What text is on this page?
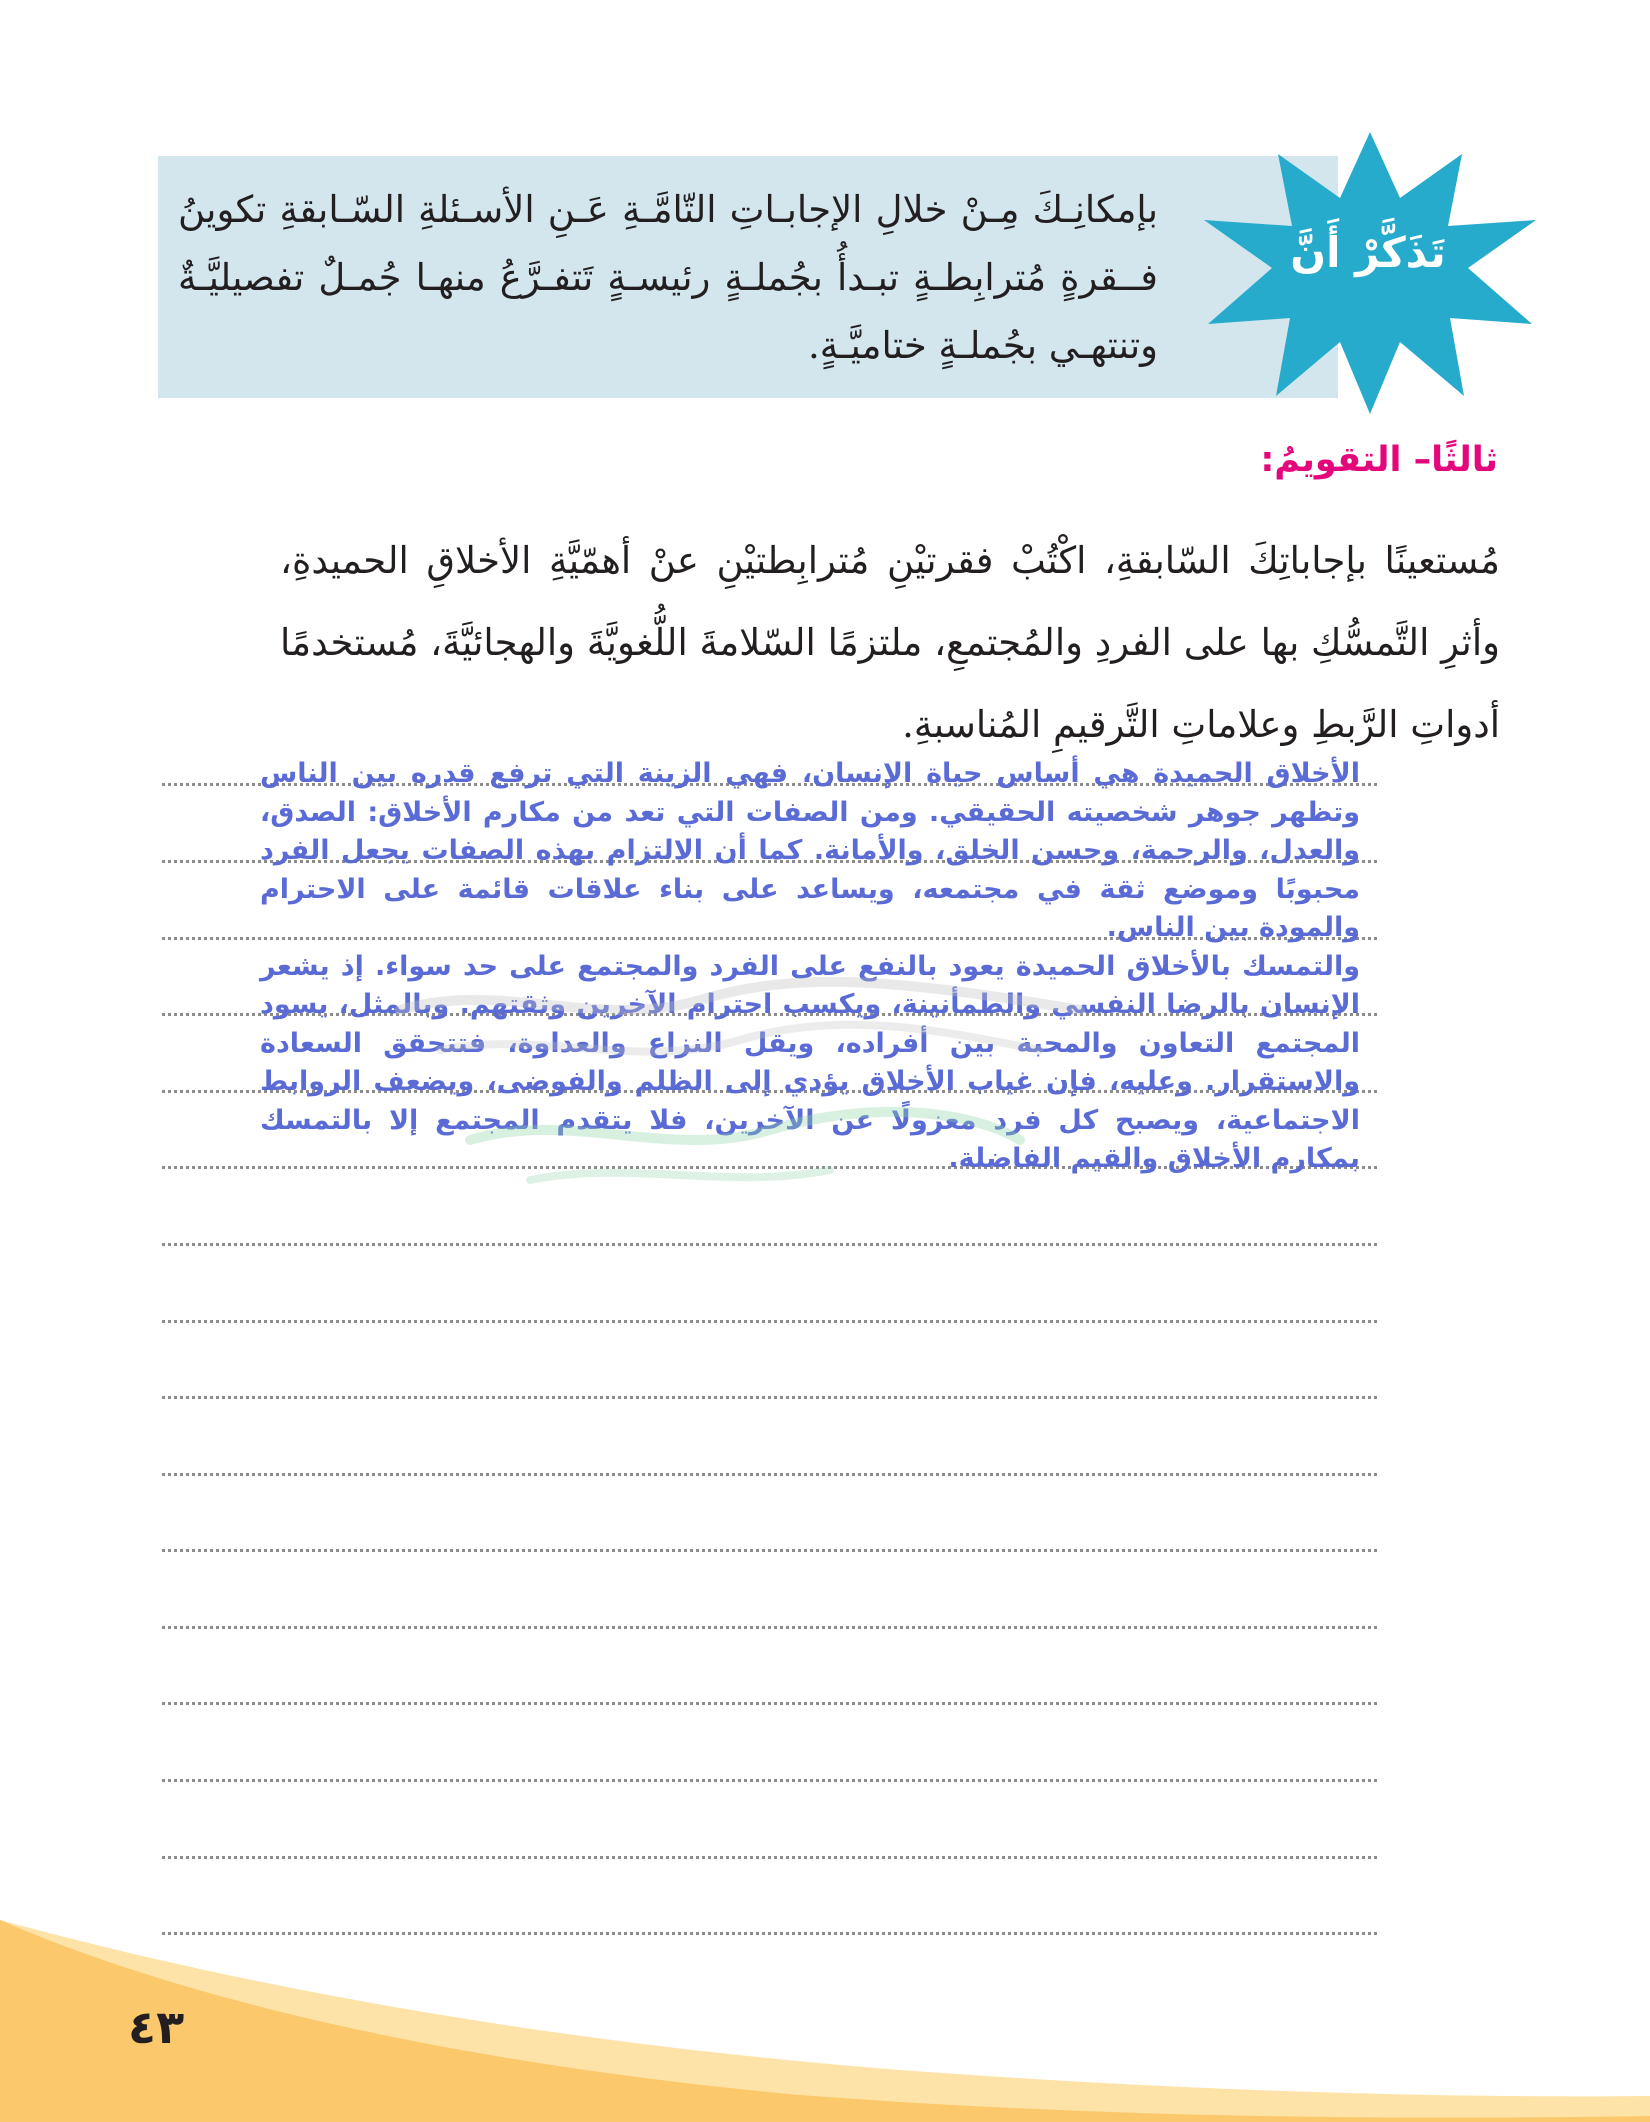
بإمكانِـكَ مِـنْ خلالِ الإجابـاتِ التّامَّـةِ عَـنِ الأسـئلةِ السّـابقةِ تكوينُ فــقرةٍ مُترابِطـةٍ تبـدأُ بجُملـةٍ رئيسـةٍ تَتفـرَّعُ منهـا جُمـلٌ تفصيليَّـةٌ وتنتهـي بجُملـةٍ ختاميَّـةٍ.
تَذَكَّرْ أَنَّ
ثالثًا– التقويمُ:
مُستعينًا بإجاباتِكَ السّابقةِ، اكْتُبْ فقرتيْنِ مُترابِطتيْنِ عنْ أهمّيَّةِ الأخلاقِ الحميدةِ، وأثرِ التَّمسُّكِ بها على الفردِ والمُجتمعِ، ملتزمًا السّلامةَ اللُّغويَّةَ والهجائيَّةَ، مُستخدمًا أدواتِ الرَّبطِ وعلاماتِ التَّرقيمِ المُناسبةِ.

الأخلاق الحميدة هي أساس حياة الإنسان، فهي الزينة التي ترفع قدره بين الناس وتظهر جوهر شخصيته الحقيقي. ومن الصفات التي تعد من مكارم الأخلاق: الصدق، والعدل، والرحمة، وحسن الخلق، والأمانة. كما أن الالتزام بهذه الصفات يجعل الفرد محبوبًا وموضع ثقة في مجتمعه، ويساعد على بناء علاقات قائمة على الاحترام والمودة بين الناس.

والتمسك بالأخلاق الحميدة يعود بالنفع على الفرد والمجتمع على حد سواء. إذ يشعر الإنسان بالرضا النفسي والطمأنينة، ويكسب احترام الآخرين وثقتهم. وبالمثل، يسود المجتمع التعاون والمحبة بين أفراده، ويقل النزاع والعداوة، فتتحقق السعادة والاستقرار. وعليه، فإن غياب الأخلاق يؤدي إلى الظلم والفوضى، ويضعف الروابط الاجتماعية، ويصبح كل فرد معزولًا عن الآخرين، فلا يتقدم المجتمع إلا بالتمسك بمكارم الأخلاق والقيم الفاضلة.

٤٣
